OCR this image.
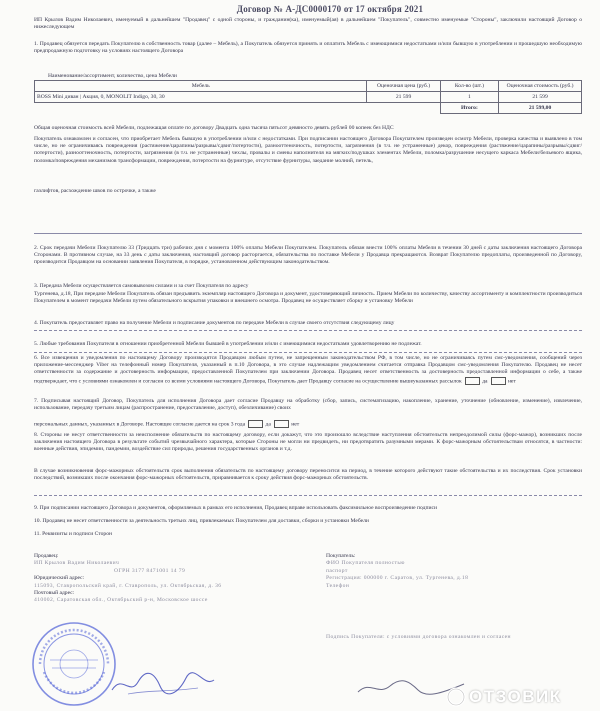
Договор № А-ДС0000170 от 17 октября 2021
ИП Крылов Вадим Николаевич, именуемый в дальнейшем "Продавец" с одной стороны, и гражданин(ка), именуемый(ая) в дальнейшем "Покупатель", совместно именуемые "Стороны", заключили настоящий Договор о нижеследующем
1. Продавец обязуется передать Покупателю в собственность товар (далее – Мебель), а Покупатель обязуется принять и оплатить Мебель с имеющимися недостатками и/или бывшую в употреблении и прошедшую необходимую предпродажную подготовку на условиях настоящего Договора
Наименование/ассортимент, количество, цена Мебели
Мебель	Оценочная цена (руб.)	Кол-во (шт.)	Оценочная стоимость (руб.)
BOSS Mini диван | Акция, 0, MONOLIT Indigo, 30, 30	21 599	1	21 599
		Итого:	21 599,00
Общая оценочная стоимость всей Мебели, подлежащая оплате по договору Двадцать одна тысяча пятьсот девяносто девять рублей 00 копеек без НДС
Покупатель ознакомлен и согласен, что приобретает Мебель бывшую в употреблении и/или с недостатками. При подписании настоящего Договора Покупателем произведен осмотр Мебели, проверка качества и выявлено в том числе, но не ограничиваясь повреждения (растяжение/царапины/разрывы/сдвиг/потертости), разнооттеночность, потертости, загрязнения (в т.ч. не устраненные) декор, повреждения (растяжение/царапины/разрывы/сдвиг/потертости), разнооттеночность, потертости, загрязнения (в т.ч. не устраненные) чехлы, провалы и смены наполнителя на мягких/подушках элементах Мебели, поломка/разрушение несущего каркаса Мебели/бельевого ящика, поломка/повреждения механизмов трансформации, повреждения, потертости на фурнитуре, отсутствие фурнитуры, заедание молний, петель,
газлифтов, расхождение швов по острочке, а также
2. Срок передачи Мебели Покупателю 33 (Тридцать три) рабочих дня с момента 100% оплаты Мебели Покупателем. Покупатель обязан внести 100% оплаты Мебели в течении 30 дней с даты заключения настоящего Договора Сторонами. В противном случае, на 33 день с даты заключения, настоящий договор расторгается, обязательства по поставке Мебели у Продавца прекращаются. Возврат Покупателю предоплаты, произведенной по Договору, производится Продавцом на основании заявления Покупателя, в порядке, установленном действующим законодательством.
3. Передача Мебели осуществляется самовывозом силами и за счет Покупателя по адресу
Тургенева, д.18, При передаче Мебели Покупатель обязан предъявить экземпляр настоящего Договора и документ, удостоверяющий личность. Прием Мебели по количеству, качеству ассортименту и комплектности производиться Покупателем в момент передачи Мебели путем обязательного вскрытия упаковки и внешнего осмотра. Продавец не осуществляет сборку и установку Мебели
4. Покупатель предоставляет право на получение Мебели и подписание документов по передаче Мебели в случае своего отсутствия следующему лицу
5. Любые требования Покупателя в отношении приобретенной Мебели бывшей в употреблении и/или с имеющимися недостатками удовлетворению не подлежат.
6. Все извещения и уведомления по настоящему Договору производятся Продавцом любым путем, не запрещенным законодательством РФ, в том числе, но не ограничиваясь путем смс-уведомления, сообщений через приложение-мессенджер Viber на телефонный номер Покупателя, указанный в п.10 Договора, в это случае надлежащим уведомлением считается отправка Продавцом смс-уведомления Покупателю. Продавец не несет ответственности за содержание и достоверность информации, предоставленной Покупателем при заключении Договора. Продавец несет ответственность за достоверность предоставленной информации о себе, а также подтверждает, что с условиями ознакомлен и согласен со всеми условиями настоящего Договора, Покупатель дает Продавцу согласие на осуществление вышеуказанных рассылок	да	нет
7. Подписывая настоящий Договор, Покупатель для исполнения Договора дает согласие Продавцу на обработку (сбор, запись, систематизацию, накопление, хранение, уточнение (обновление, изменение), извлечение, использование, передачу третьим лицам (распространение, предоставление, доступ), обезличивание) своих
персональных данных, указанных в Договоре. Настоящее согласие дается на срок 3 года	да	нет
8. Стороны не несут ответственности за неисполнение обязательств по настоящему договору, если докажут, что это произошло вследствие наступления обстоятельств непреодолимой силы (форс-мажор), возникших после заключения настоящего Договора в результате событий чрезвычайного характера, которые Стороны не могли ни предвидеть, ни предотвратить разумными мерами. К форс-мажорным обстоятельствам относятся, в частности: военные действия, эпидемии, пандемии, воздействие сил природы, решения государственных органов и т.д.
В случае возникновения форс-мажорных обстоятельств срок выполнения обязательств по настоящему договору переносится на период, в течение которого действуют такие обстоятельства и их последствия. Срок установки последствий, возникших после окончания форс-мажорных обстоятельств, приравнивается к сроку действия форс-мажорных обстоятельств.
9. При подписании настоящего Договора и документов, оформляемых в рамках его исполнения, Продавец вправе использовать факсимильное воспроизведение подписи
10. Продавец не несет ответственности за деятельность третьих лиц, привлекаемых Покупателем для доставки, сборки и установки Мебели
11. Реквизиты и подписи Сторон
Продавец:
ИП Крылов Вадим Николаевич
ОГРН 3177 8471001 14 79
Юридический адрес:
115093, Ставропольский край, г. Ставрополь, ул. Октябрьская, д. 36
Почтовый адрес:
410002, Саратовская обл., Октябрьский р-н, Московское шоссе
Покупатель:
ФИО Покупателя полностью
паспорт
Регистрация: 000000 г. Саратов, ул. Тургенева, д.18
Телефон
Подпись Покупателя: с условиями договора ознакомлен и согласен
ОТЗОВИК
